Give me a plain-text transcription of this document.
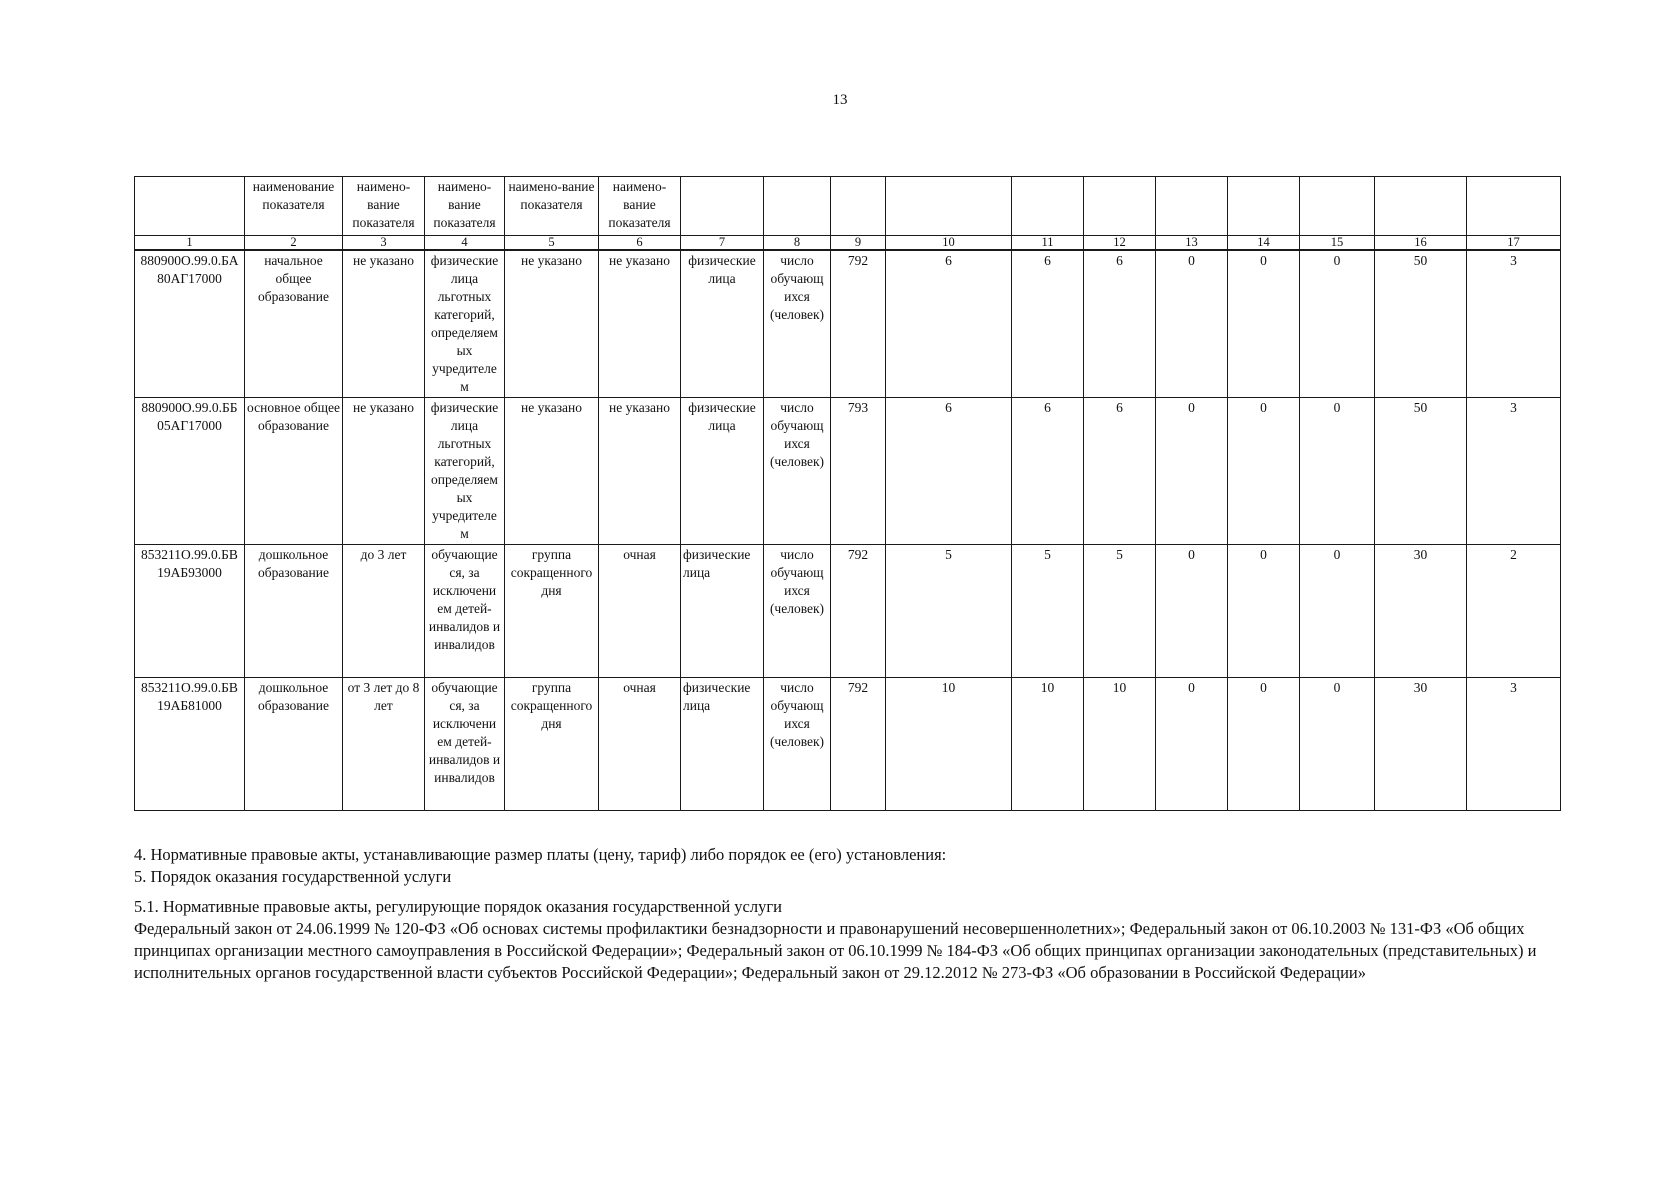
13
	наименование показателя	наимено-вание показателя	наимено-вание показателя	наимено-вание показателя	наимено-вание показателя											
1	2	3	4	5	6	7	8	9	10	11	12	13	14	15	16	17
880900О.99.0.БА 80АГ17000	начальное общее образование	не указано	физические лица льготных категорий, определяем ых учредителе м	не указано	не указано	физические лица	число обучающ ихся (человек)	792	6	6	6	0	0	0	50	3
880900О.99.0.ББ 05АГ17000	основное общее образование	не указано	физические лица льготных категорий, определяем ых учредителе м	не указано	не указано	физические лица	число обучающ ихся (человек)	793	6	6	6	0	0	0	50	3
853211О.99.0.БВ 19АБ93000	дошкольное образование	до 3 лет	обучающие ся, за исключени ем детей-инвалидов и инвалидов	группа сокращенного дня	очная	физические лица	число обучающ ихся (человек)	792	5	5	5	0	0	0	30	2
853211О.99.0.БВ 19АБ81000	дошкольное образование	от 3 лет до 8 лет	обучающие ся, за исключени ем детей-инвалидов и инвалидов	группа сокращенного дня	очная	физические лица	число обучающ ихся (человек)	792	10	10	10	0	0	0	30	3

4. Нормативные правовые акты, устанавливающие размер платы (цену, тариф) либо порядок ее (его) установления:

5. Порядок оказания государственной услуги

5.1. Нормативные правовые акты, регулирующие порядок оказания государственной услуги

Федеральный закон от 24.06.1999 № 120-ФЗ «Об основах системы профилактики безнадзорности и правонарушений несовершеннолетних»; Федеральный закон от 06.10.2003 № 131-ФЗ «Об общих принципах организации местного самоуправления в Российской Федерации»; Федеральный закон от 06.10.1999 № 184-ФЗ «Об общих принципах организации законодательных (представительных) и исполнительных органов государственной власти субъектов Российской Федерации»; Федеральный закон от 29.12.2012 № 273-ФЗ «Об образовании в Российской Федерации»
